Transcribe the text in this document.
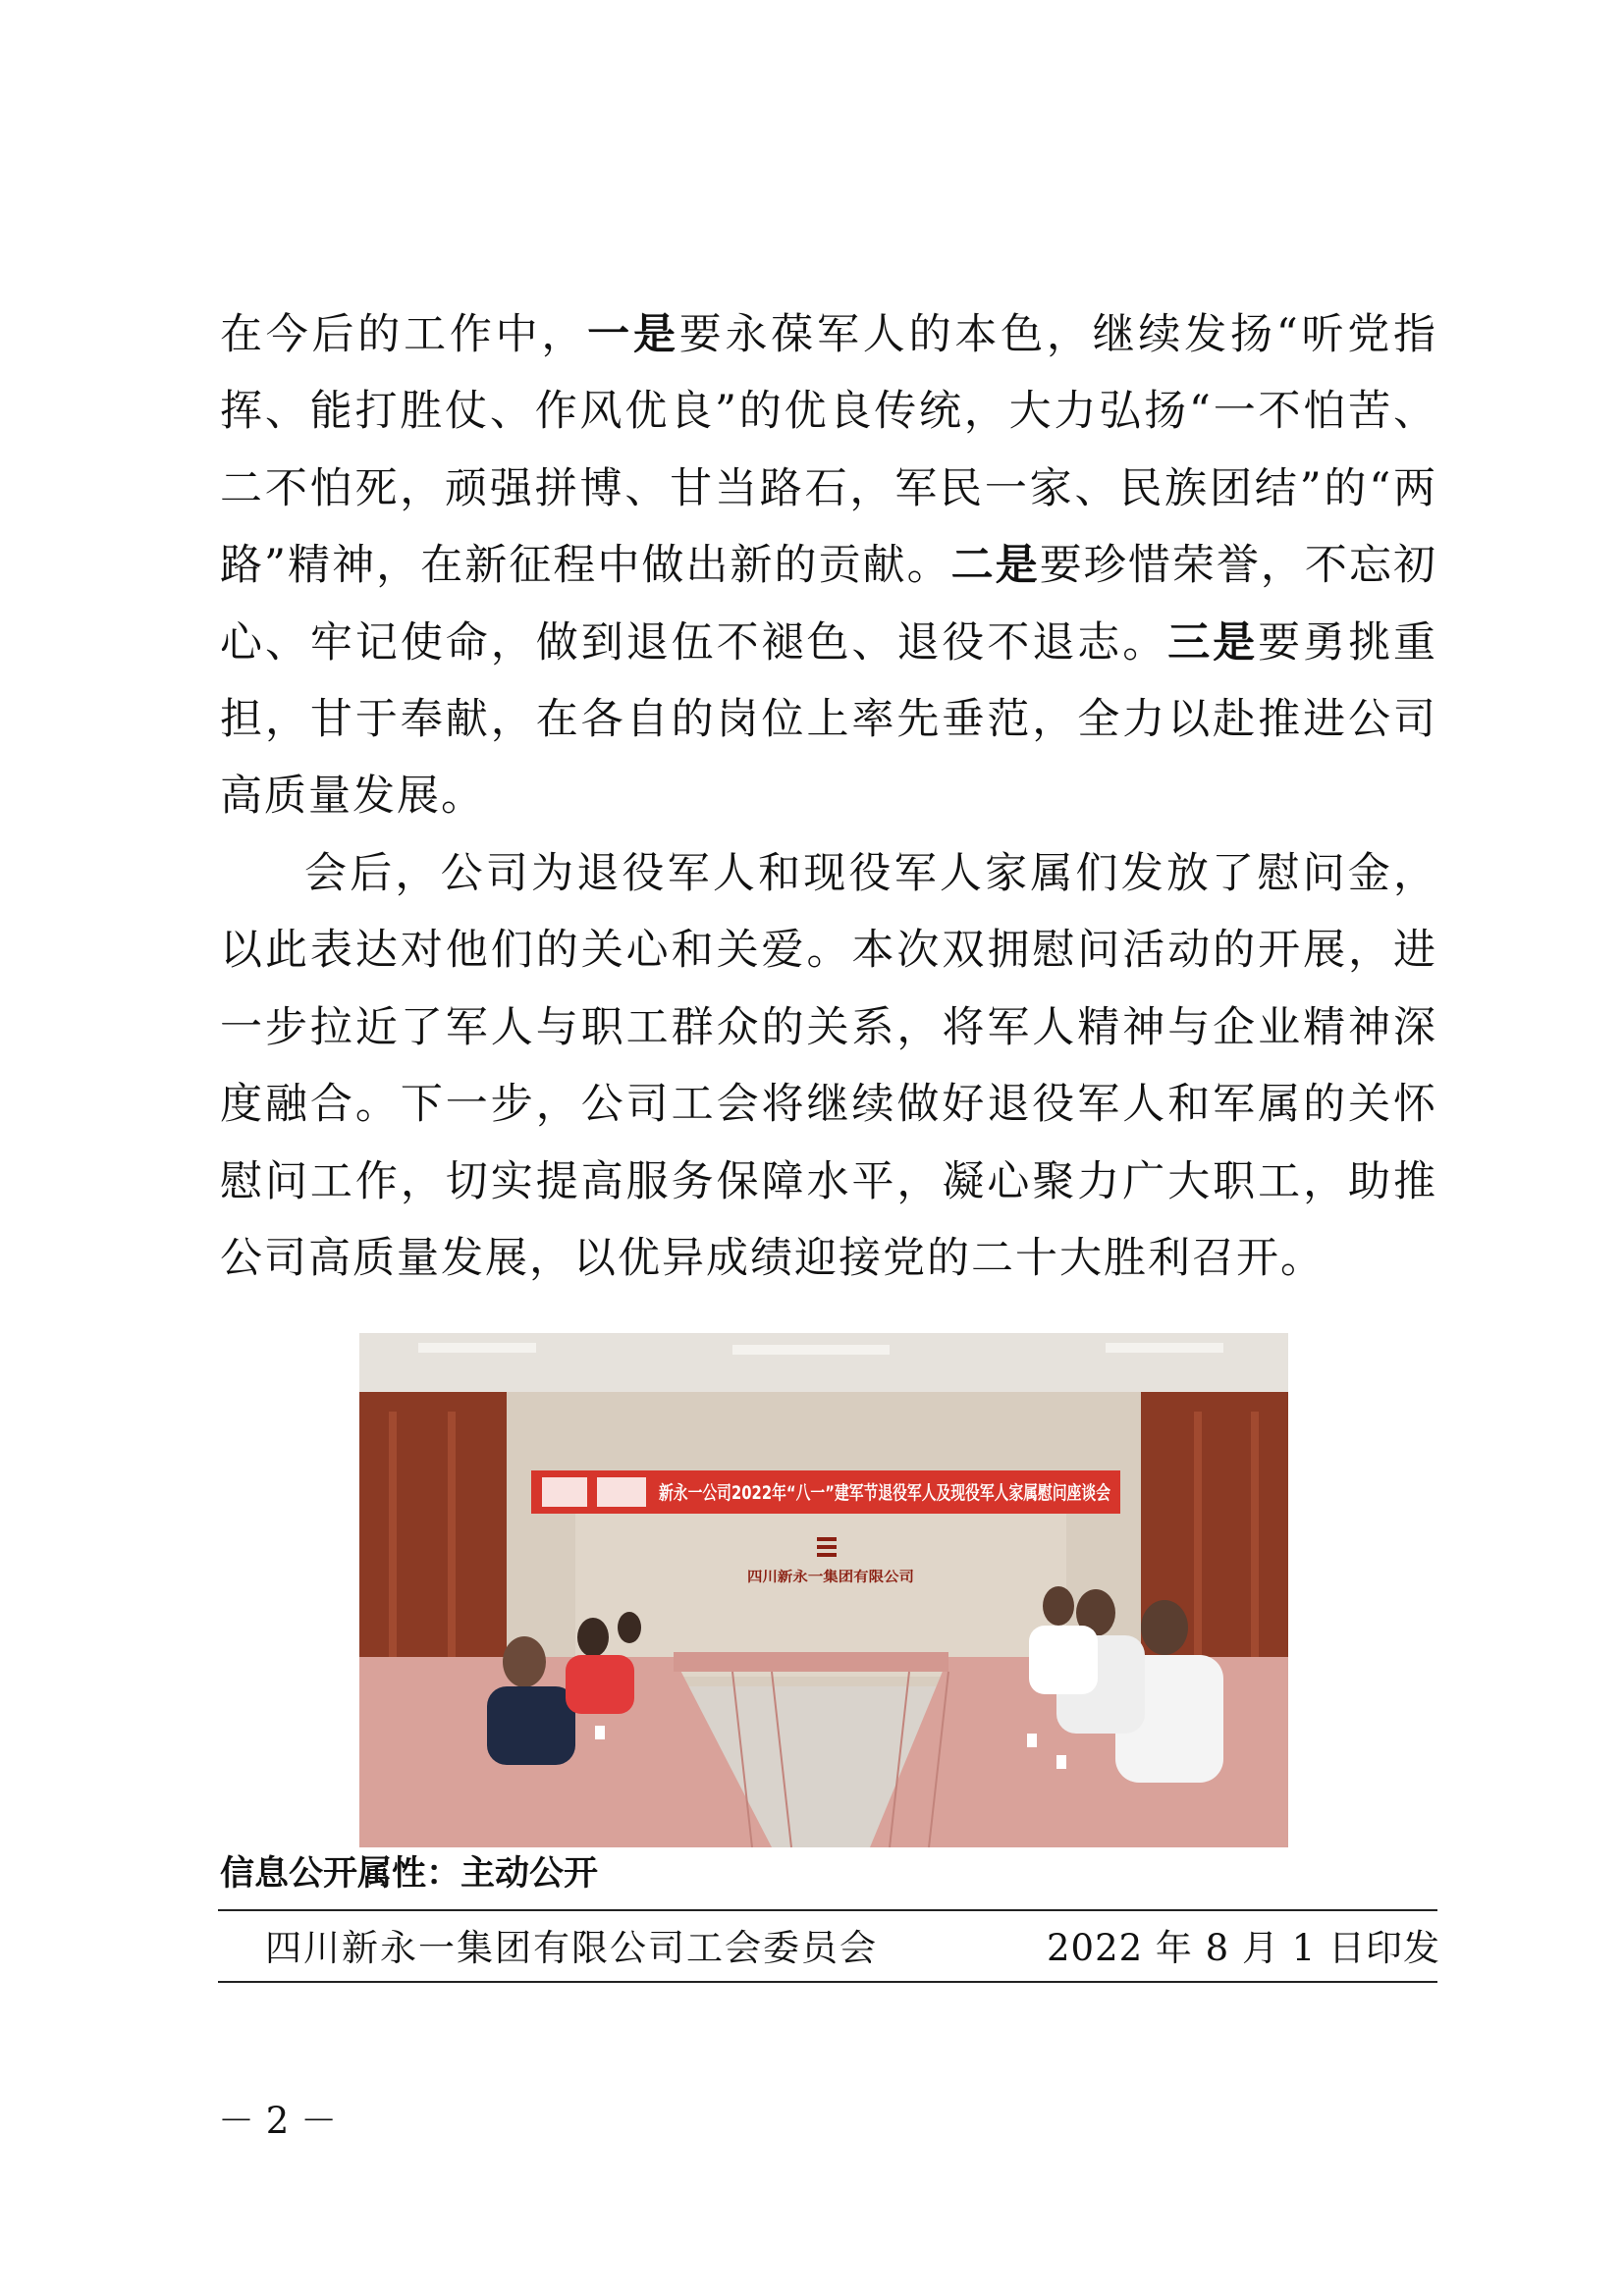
在今后的工作中，一是要永葆军人的本色，继续发扬“听党指挥、能打胜仗、作风优良”的优良传统，大力弘扬“一不怕苦、二不怕死，顽强拼博、甘当路石，军民一家、民族团结”的“两路”精神，在新征程中做出新的贡献。二是要珍惜荣誉，不忘初心、牢记使命，做到退伍不褪色、退役不退志。三是要勇挑重担，甘于奉献，在各自的岗位上率先垂范，全力以赴推进公司高质量发展。

会后，公司为退役军人和现役军人家属们发放了慰问金，以此表达对他们的关心和关爱。本次双拥慰问活动的开展，进一步拉近了军人与职工群众的关系，将军人精神与企业精神深度融合。下一步，公司工会将继续做好退役军人和军属的关怀慰问工作，切实提高服务保障水平，凝心聚力广大职工，助推公司高质量发展，以优异成绩迎接党的二十大胜利召开。

新永一公司2022年“八一”建军节退役军人及现役军人家属慰问座谈会
四川新永一集团有限公司
信息公开属性：主动公开
四川新永一集团有限公司工会委员会	2022 年 8 月 1 日印发
－ 2 －
